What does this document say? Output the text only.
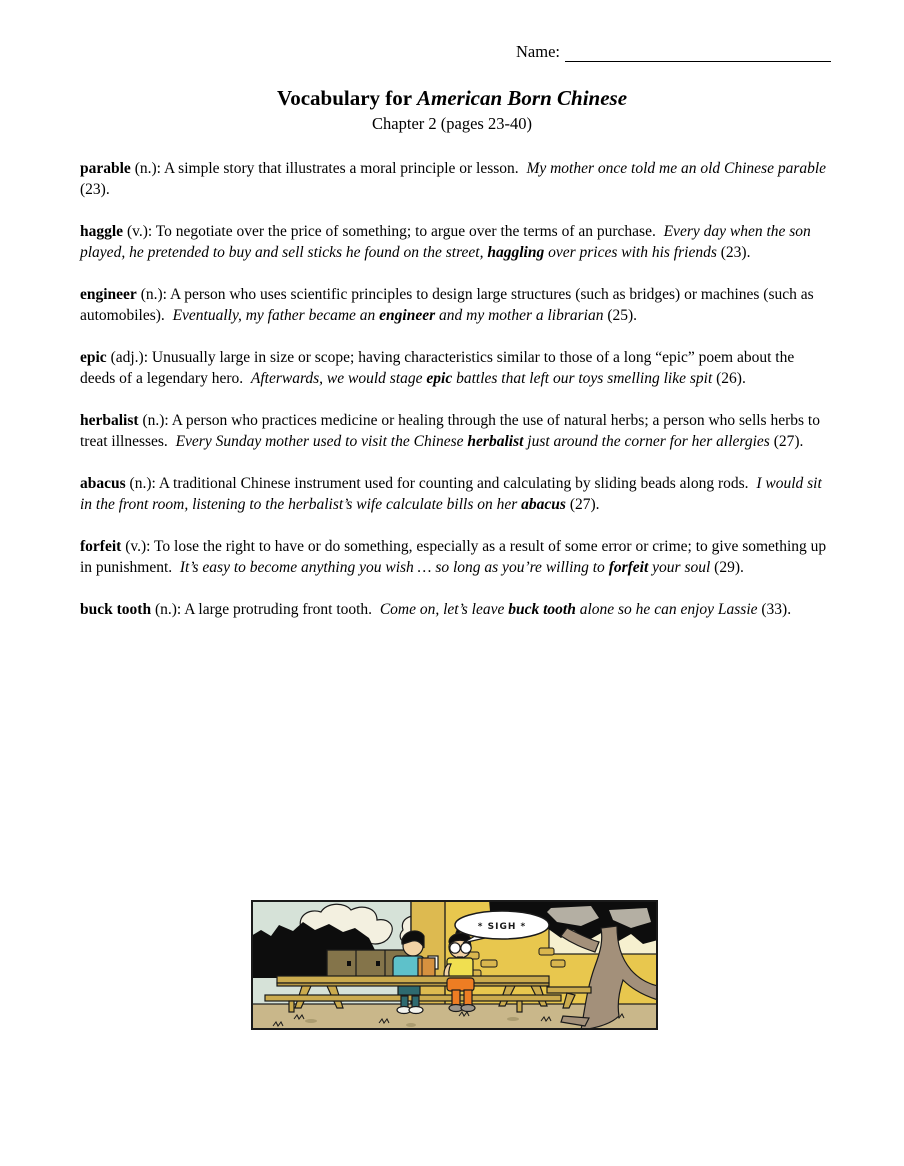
Name:
Vocabulary for American Born Chinese
Chapter 2 (pages 23-40)

parable (n.): A simple story that illustrates a moral principle or lesson. My mother once told me an old Chinese parable (23).

haggle (v.): To negotiate over the price of something; to argue over the terms of an purchase. Every day when the son played, he pretended to buy and sell sticks he found on the street, haggling over prices with his friends (23).

engineer (n.): A person who uses scientific principles to design large structures (such as bridges) or machines (such as automobiles). Eventually, my father became an engineer and my mother a librarian (25).

epic (adj.): Unusually large in size or scope; having characteristics similar to those of a long “epic” poem about the deeds of a legendary hero. Afterwards, we would stage epic battles that left our toys smelling like spit (26).

herbalist (n.): A person who practices medicine or healing through the use of natural herbs; a person who sells herbs to treat illnesses. Every Sunday mother used to visit the Chinese herbalist just around the corner for her allergies (27).

abacus (n.): A traditional Chinese instrument used for counting and calculating by sliding beads along rods. I would sit in the front room, listening to the herbalist’s wife calculate bills on her abacus (27).

forfeit (v.): To lose the right to have or do something, especially as a result of some error or crime; to give something up in punishment. It’s easy to become anything you wish … so long as you’re willing to forfeit your soul (29).

buck tooth (n.): A large protruding front tooth. Come on, let’s leave buck tooth alone so he can enjoy Lassie (33).

* SIGH *
